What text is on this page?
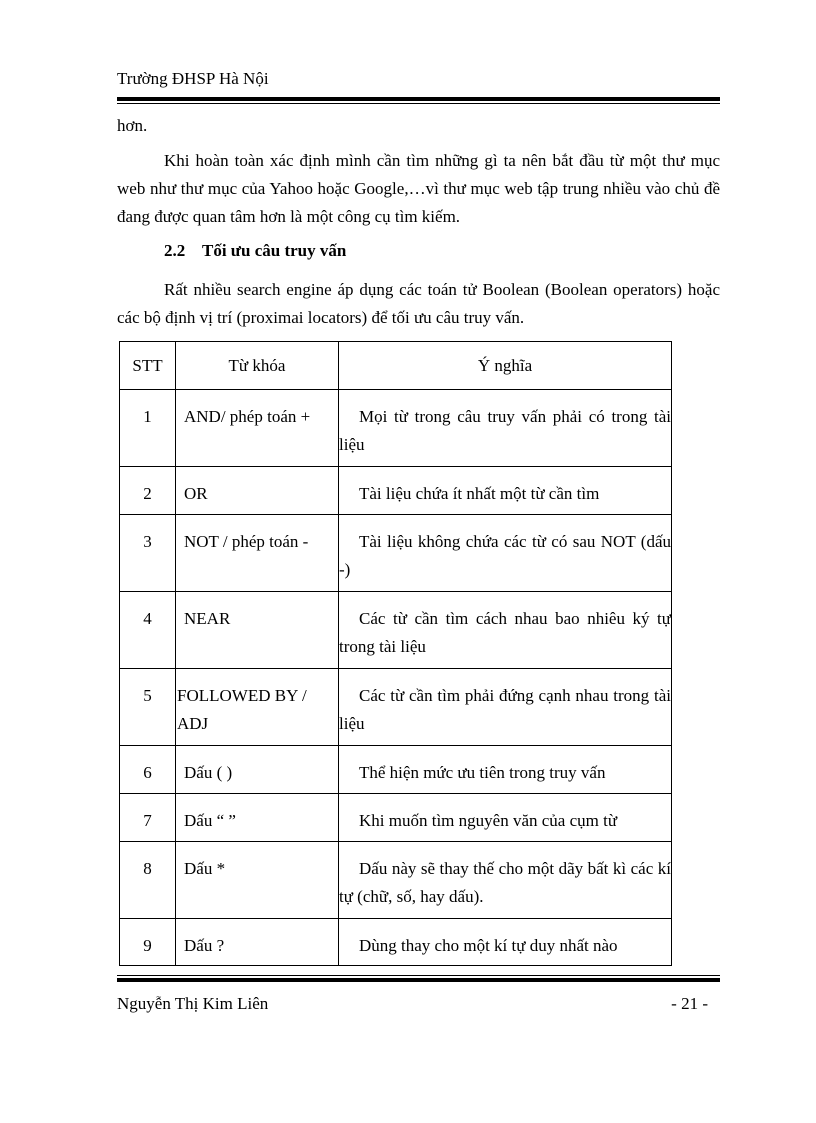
Trường ĐHSP Hà Nội
hơn.
Khi hoàn toàn xác định mình cần tìm những gì ta nên bắt đầu từ một thư mục web như thư mục của Yahoo hoặc Google,…vì thư mục web tập trung nhiều vào chủ đề đang được quan tâm hơn là một công cụ tìm kiếm.
2.2 Tối ưu câu truy vấn
Rất nhiều search engine áp dụng các toán tử Boolean (Boolean operators) hoặc các bộ định vị trí (proximai locators) để tối ưu câu truy vấn.
STT	Từ khóa	Ý nghĩa
1	AND/ phép toán +	Mọi từ trong câu truy vấn phải có trong tài liệu
2	OR	Tài liệu chứa ít nhất một từ cần tìm
3	NOT / phép toán -	Tài liệu không chứa các từ có sau NOT (dấu -)
4	NEAR	Các từ cần tìm cách nhau bao nhiêu ký tự trong tài liệu
5	FOLLOWED BY / ADJ	Các từ cần tìm phải đứng cạnh nhau trong tài liệu
6	Dấu ( )	Thể hiện mức ưu tiên trong truy vấn
7	Dấu “ ”	Khi muốn tìm nguyên văn của cụm từ
8	Dấu *	Dấu này sẽ thay thế cho một dãy bất kì các kí tự (chữ, số, hay dấu).
9	Dấu ?	Dùng thay cho một kí tự duy nhất nào
Nguyễn Thị Kim Liên	- 21 -
